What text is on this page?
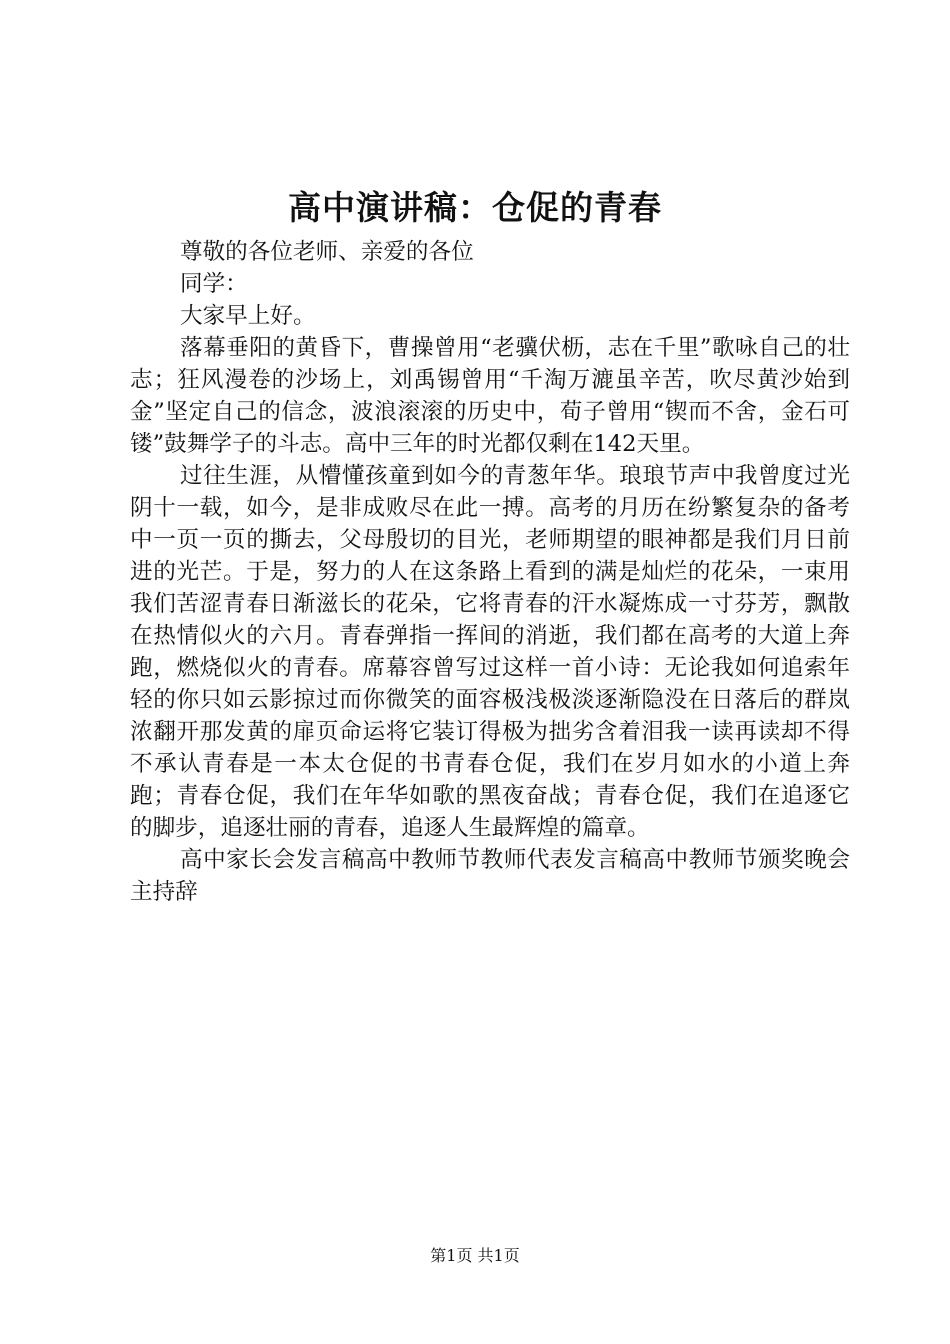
高中演讲稿：仓促的青春

尊敬的各位老师、亲爱的各位

同学：

大家早上好。

落幕垂阳的黄昏下，曹操曾用“老骥伏枥，志在千里”歌咏自己的壮志；狂风漫卷的沙场上，刘禹锡曾用“千淘万漉虽辛苦，吹尽黄沙始到金”坚定自己的信念，波浪滚滚的历史中，荀子曾用“锲而不舍，金石可镂”鼓舞学子的斗志。高中三年的时光都仅剩在142天里。

过往生涯，从懵懂孩童到如今的青葱年华。琅琅节声中我曾度过光阴十一载，如今，是非成败尽在此一搏。高考的月历在纷繁复杂的备考中一页一页的撕去，父母殷切的目光，老师期望的眼神都是我们月日前进的光芒。于是，努力的人在这条路上看到的满是灿烂的花朵，一束用我们苦涩青春日渐滋长的花朵，它将青春的汗水凝炼成一寸芬芳，飘散在热情似火的六月。青春弹指一挥间的消逝，我们都在高考的大道上奔跑，燃烧似火的青春。席幕容曾写过这样一首小诗：无论我如何追索年轻的你只如云影掠过而你微笑的面容极浅极淡逐渐隐没在日落后的群岚浓翻开那发黄的扉页命运将它装订得极为拙劣含着泪我一读再读却不得不承认青春是一本太仓促的书青春仓促，我们在岁月如水的小道上奔跑；青春仓促，我们在年华如歌的黑夜奋战；青春仓促，我们在追逐它的脚步，追逐壮丽的青春，追逐人生最辉煌的篇章。

高中家长会发言稿高中教师节教师代表发言稿高中教师节颁奖晚会主持辞

第1页 共1页
